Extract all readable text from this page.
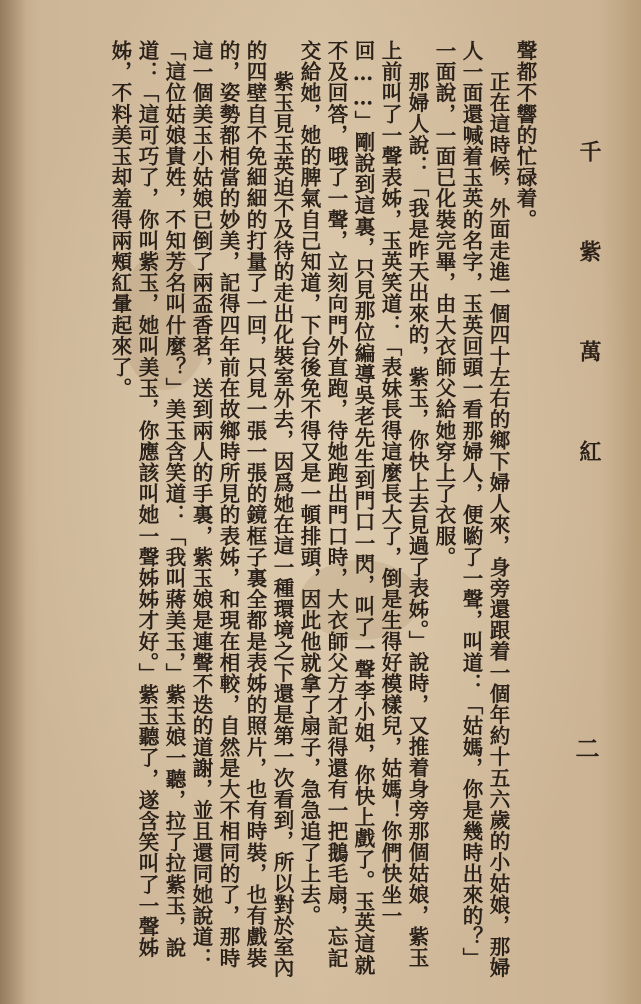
千 紫 萬 紅

聲都不響的忙碌着。

正在這時候，外面走進一個四十左右的鄉下婦人來，身旁還跟着一個年約十五六歲的小姑娘，那婦人一面還喊着玉英的名字，玉英回頭一看那婦人，便喲了一聲，叫道：「姑媽，你是幾時出來的？」一面說，一面已化裝完畢，由大衣師父給她穿上了衣服。

那婦人說：「我是昨天出來的，紫玉，你快上去見過了表姊。」說時，又推着身旁那個姑娘，紫玉上前叫了一聲表姊，玉英笑道：「表妹長得這麼長大了，倒是生得好模樣兒，姑媽！你們快坐一回……」剛說到這裏，只見那位編導吳老先生到門口一閃，叫了一聲李小姐，你快上戲了。玉英這就不及回答，哦了一聲，立刻向門外直跑，待她跑出門口時，大衣師父方才記得還有一把鵝毛扇，忘記交給她，她的脾氣自己知道，下台後免不得又是一頓排頭，因此他就拿了扇子，急急追了上去。

紫玉見玉英迫不及待的走出化裝室外去，因爲她在這一種環境之下還是第一次看到，所以對於室內的四壁自不免細細的打量了一回，只見一張一張的鏡框子裏全都是表姊的照片，也有時裝，也有戲裝的，姿勢都相當的妙美，記得四年前在故鄉時所見的表姊，和現在相較，自然是大不相同的了，那時這一個美玉小姑娘已倒了兩盃香茗，送到兩人的手裏，紫玉娘是連聲不迭的道謝，並且還同她說道：「這位姑娘貴姓，不知芳名叫什麼？」美玉含笑道：「我叫蔣美玉，」紫玉娘一聽，拉了拉紫玉，說道：「這可巧了，你叫紫玉，她叫美玉，你應該叫她一聲姊姊才好。」紫玉聽了，遂含笑叫了一聲姊姊，不料美玉却羞得兩頰紅暈起來了。

二
